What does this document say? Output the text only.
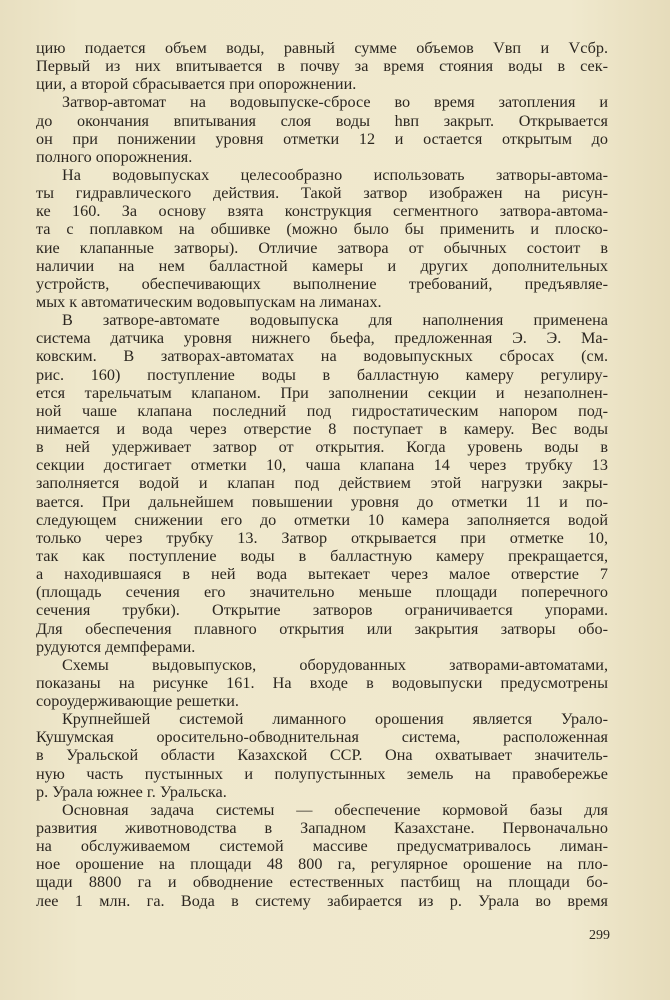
цию подается объем воды, равный сумме объемов Vвп и Vсбр.
Первый из них впитывается в почву за время стояния воды в сек-
ции, а второй сбрасывается при опорожнении.
Затвор-автомат на водовыпуске-сбросе во время затопления и
до окончания впитывания слоя воды hвп закрыт. Открывается
он при понижении уровня отметки 12 и остается открытым до
полного опорожнения.
На водовыпусках целесообразно использовать затворы-автома-
ты гидравлического действия. Такой затвор изображен на рисун-
ке 160. За основу взята конструкция сегментного затвора-автома-
та с поплавком на обшивке (можно было бы применить и плоско-
кие клапанные затворы). Отличие затвора от обычных состоит в
наличии на нем балластной камеры и других дополнительных
устройств, обеспечивающих выполнение требований, предъявляе-
мых к автоматическим водовыпускам на лиманах.
В затворе-автомате водовыпуска для наполнения применена
система датчика уровня нижнего бьефа, предложенная Э. Э. Ма-
ковским. В затворах-автоматах на водовыпускных сбросах (см.
рис. 160) поступление воды в балластную камеру регулиру-
ется тарельчатым клапаном. При заполнении секции и незаполнен-
ной чаше клапана последний под гидростатическим напором под-
нимается и вода через отверстие 8 поступает в камеру. Вес воды
в ней удерживает затвор от открытия. Когда уровень воды в
секции достигает отметки 10, чаша клапана 14 через трубку 13
заполняется водой и клапан под действием этой нагрузки закры-
вается. При дальнейшем повышении уровня до отметки 11 и по-
следующем снижении его до отметки 10 камера заполняется водой
только через трубку 13. Затвор открывается при отметке 10,
так как поступление воды в балластную камеру прекращается,
а находившаяся в ней вода вытекает через малое отверстие 7
(площадь сечения его значительно меньше площади поперечного
сечения трубки). Открытие затворов ограничивается упорами.
Для обеспечения плавного открытия или закрытия затворы обо-
рудуются демпферами.
Схемы выдовыпусков, оборудованных затворами-автоматами,
показаны на рисунке 161. На входе в водовыпуски предусмотрены
сороудерживающие решетки.
Крупнейшей системой лиманного орошения является Урало-
Кушумская оросительно-обводнительная система, расположенная
в Уральской области Казахской ССР. Она охватывает значитель-
ную часть пустынных и полупустынных земель на правобережье
р. Урала южнее г. Уральска.
Основная задача системы — обеспечение кормовой базы для
развития животноводства в Западном Казахстане. Первоначально
на обслуживаемом системой массиве предусматривалось лиман-
ное орошение на площади 48 800 га, регулярное орошение на пло-
щади 8800 га и обводнение естественных пастбищ на площади бо-
лее 1 млн. га. Вода в систему забирается из р. Урала во время
299
